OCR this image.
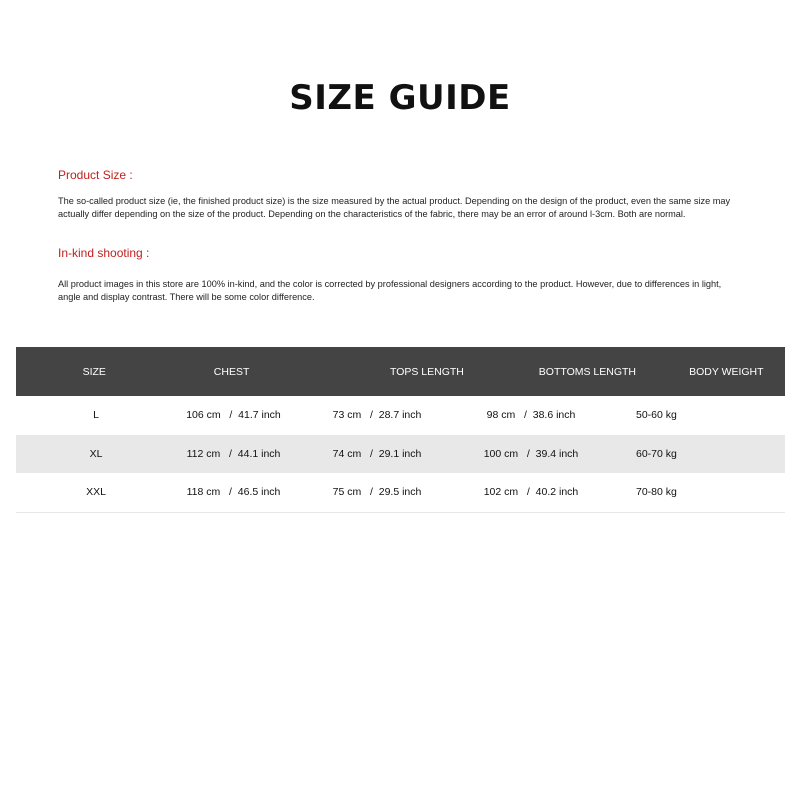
SIZE GUIDE
Product Size :

The so-called product size (ie, the finished product size) is the size measured by the actual product. Depending on the design of the product, even the same size may actually differ depending on the size of the product. Depending on the characteristics of the fabric, there may be an error of around l-3cm. Both are normal.

In-kind shooting :

All product images in this store are 100% in-kind, and the color is corrected by professional designers according to the product. However, due to differences in light, angle and display contrast. There will be some color difference.

SIZE	CHEST	TOPS LENGTH	BOTTOMS LENGTH	BODY WEIGHT
L	106 cm   /  41.7 inch	73 cm   /  28.7 inch	98 cm   /  38.6 inch	50-60 kg
XL	112 cm   /  44.1 inch	74 cm   /  29.1 inch	100 cm   /  39.4 inch	60-70 kg
XXL	118 cm   /  46.5 inch	75 cm   /  29.5 inch	102 cm   /  40.2 inch	70-80 kg
